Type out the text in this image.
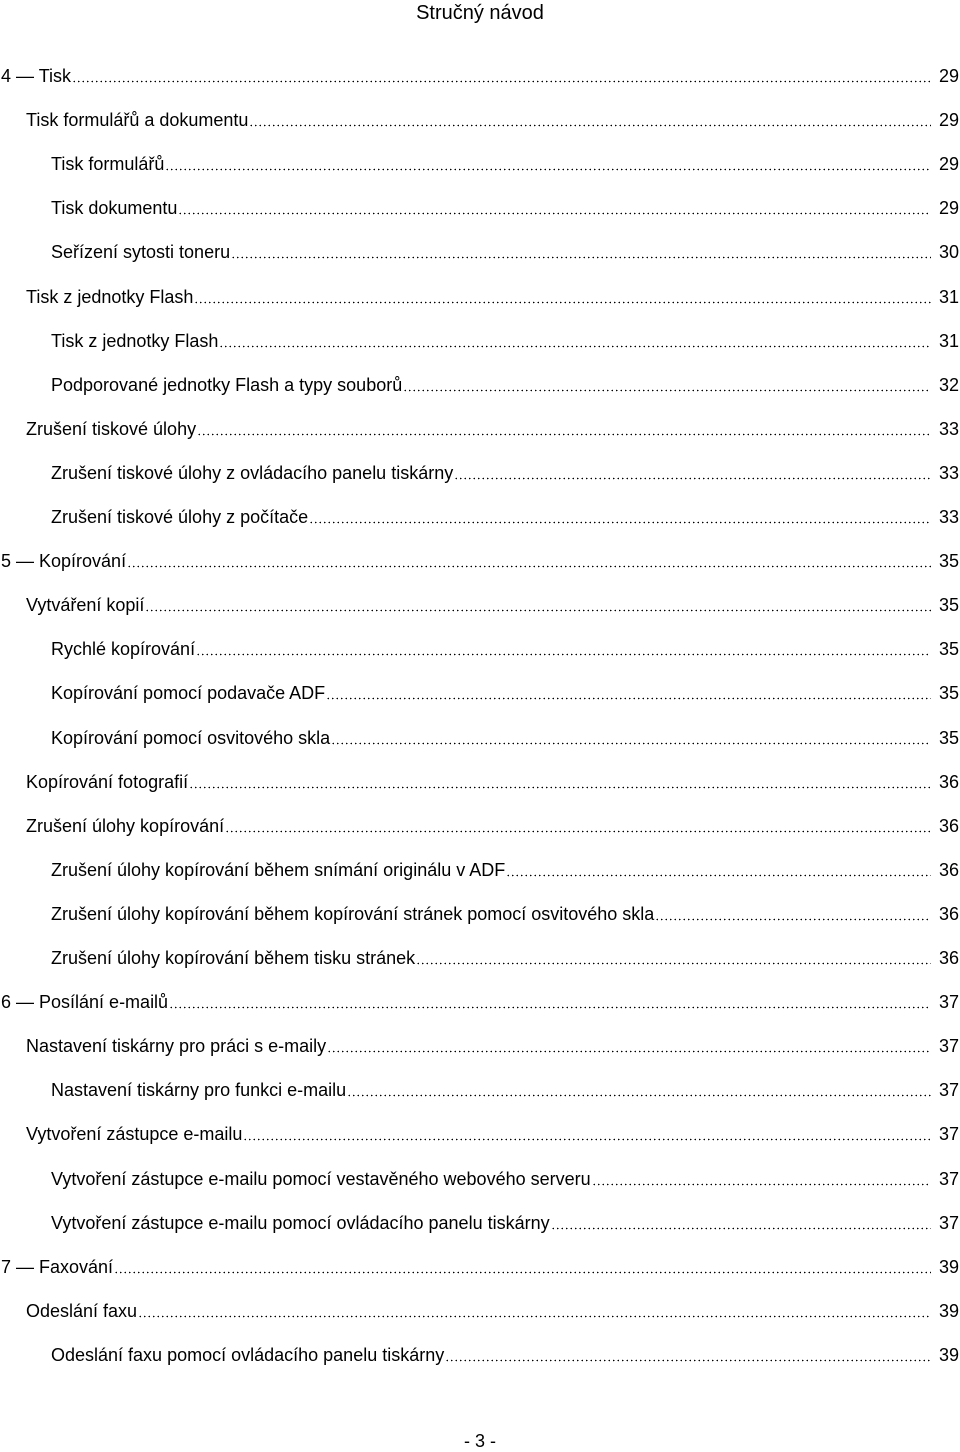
Stručný návod
4 — Tisk	29
Tisk formulářů a dokumentu	29
Tisk formulářů	29
Tisk dokumentu	29
Seřízení sytosti toneru	30
Tisk z jednotky Flash	31
Tisk z jednotky Flash	31
Podporované jednotky Flash a typy souborů	32
Zrušení tiskové úlohy	33
Zrušení tiskové úlohy z ovládacího panelu tiskárny	33
Zrušení tiskové úlohy z počítače	33
5 — Kopírování	35
Vytváření kopií	35
Rychlé kopírování	35
Kopírování pomocí podavače ADF	35
Kopírování pomocí osvitového skla	35
Kopírování fotografií	36
Zrušení úlohy kopírování	36
Zrušení úlohy kopírování během snímání originálu v ADF	36
Zrušení úlohy kopírování během kopírování stránek pomocí osvitového skla	36
Zrušení úlohy kopírování během tisku stránek	36
6 — Posílání e-mailů	37
Nastavení tiskárny pro práci s e-maily	37
Nastavení tiskárny pro funkci e-mailu	37
Vytvoření zástupce e-mailu	37
Vytvoření zástupce e-mailu pomocí vestavěného webového serveru	37
Vytvoření zástupce e-mailu pomocí ovládacího panelu tiskárny	37
7 — Faxování	39
Odeslání faxu	39
Odeslání faxu pomocí ovládacího panelu tiskárny	39
- 3 -
